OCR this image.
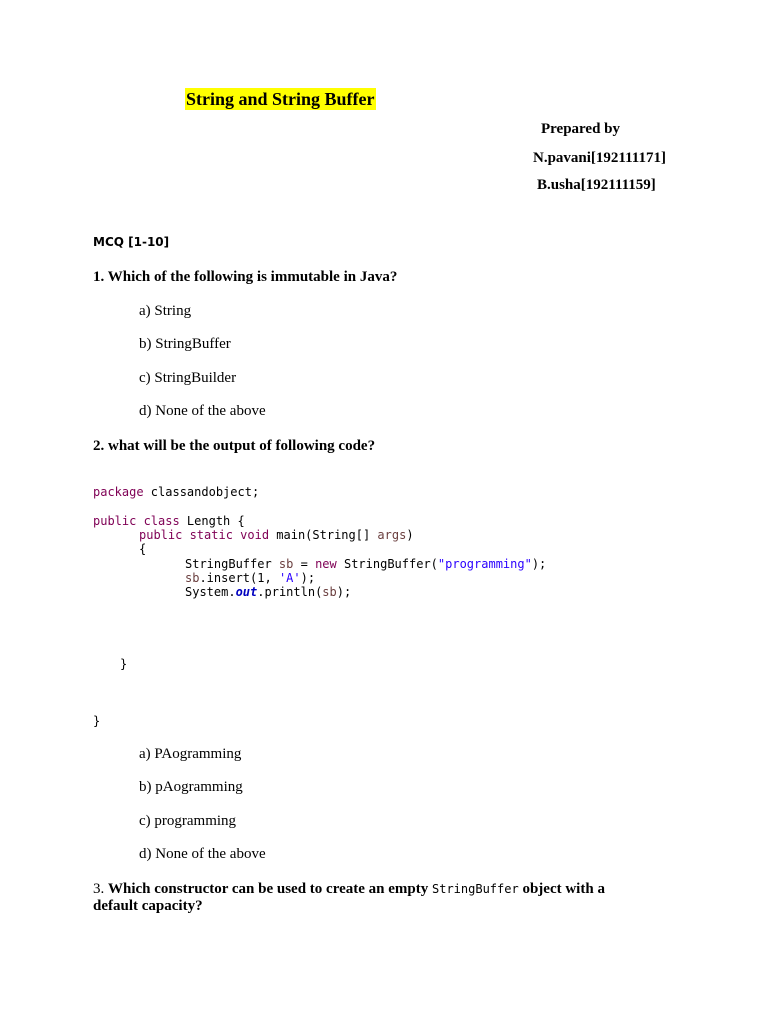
String and String Buffer
Prepared by
N.pavani[192111171]
B.usha[192111159]
MCQ [1-10]
1. Which of the following is immutable in Java?
a) String
b) StringBuffer
c) StringBuilder
d) None of the above
2. what will be the output of following code?
package classandobject;
public class Length {
public static void main(String[] args)
{
StringBuffer sb = new StringBuffer("programming");
sb.insert(1, 'A');
System.out.println(sb);
}
}
a) PAogramming
b) pAogramming
c) programming
d) None of the above
3. Which constructor can be used to create an empty StringBuffer object with a
default capacity?
